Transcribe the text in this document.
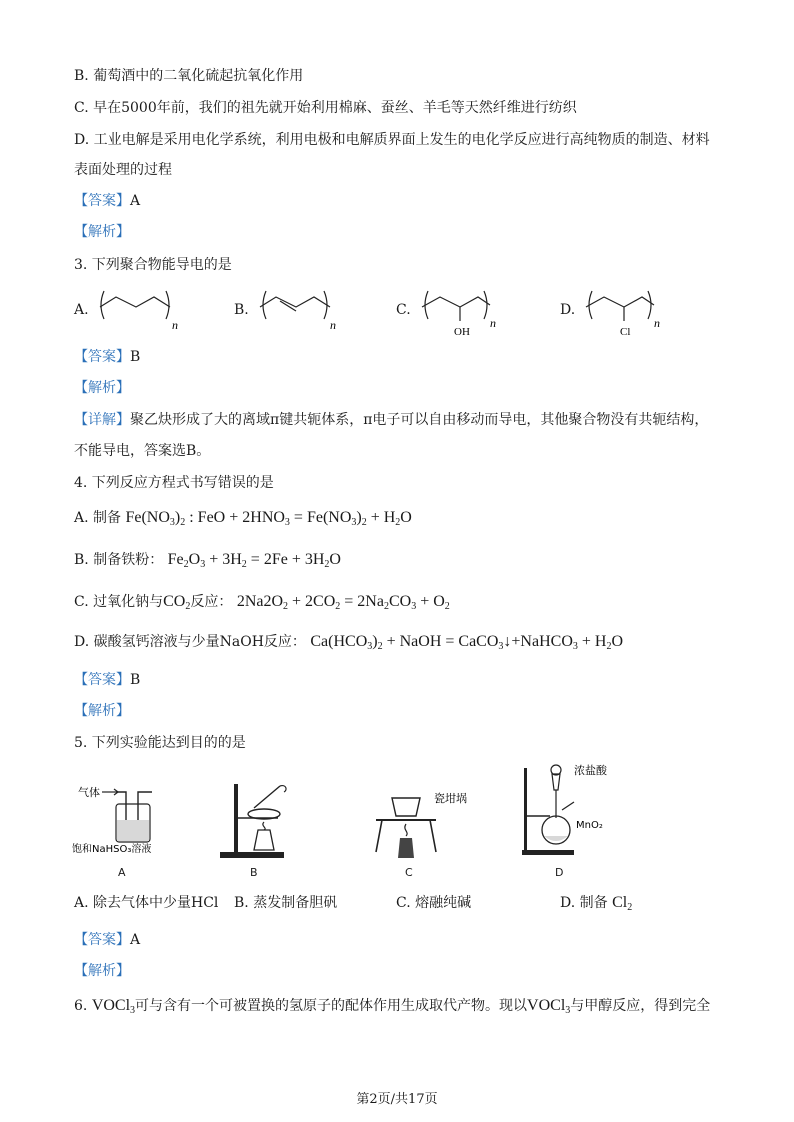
B. 葡萄酒中的二氧化硫起抗氧化作用
C. 早在5000年前，我们的祖先就开始利用棉麻、蚕丝、羊毛等天然纤维进行纺织
D. 工业电解是采用电化学系统，利用电极和电解质界面上发生的电化学反应进行高纯物质的制造、材料
表面处理的过程
【答案】A
【解析】
3. 下列聚合物能导电的是
A.
n
B.
n
C.
n
OH
D.
n
Cl
【答案】B
【解析】
【详解】聚乙炔形成了大的离域π键共轭体系，π电子可以自由移动而导电，其他聚合物没有共轭结构，
不能导电，答案选B。
4. 下列反应方程式书写错误的是
A. 制备 $Fe(NO_3)_2$ : FeO + $2HNO_3 = Fe(NO_3)_2 + H_2O$
B. 制备铁粉： $Fe_2O_3 + 3H_2 = 2Fe + 3H_2O$
C. 过氧化钠与$CO_2$反应： $2Na2O_2 + 2CO_2 = 2Na_2CO_3 + O_2$
D. 碳酸氢钙溶液与少量NaOH反应： $Ca(HCO_3)_2$ + NaOH = CaCO$_3$↓+NaHCO$_3$ + $H_2O$
【答案】B
【解析】
5. 下列实验能达到目的的是
气体
饱和NaHSO₃溶液
A	B
瓷坩埚
C
浓盐酸
MnO₂
D
A. 除去气体中少量HCl B. 蒸发制备胆矾	C. 熔融纯碱	D. 制备 $Cl_2$
【答案】A
【解析】
6. VOCl$_3$可与含有一个可被置换的氢原子的配体作用生成取代产物。现以VOCl$_3$与甲醇反应，得到完全
第2页/共17页
